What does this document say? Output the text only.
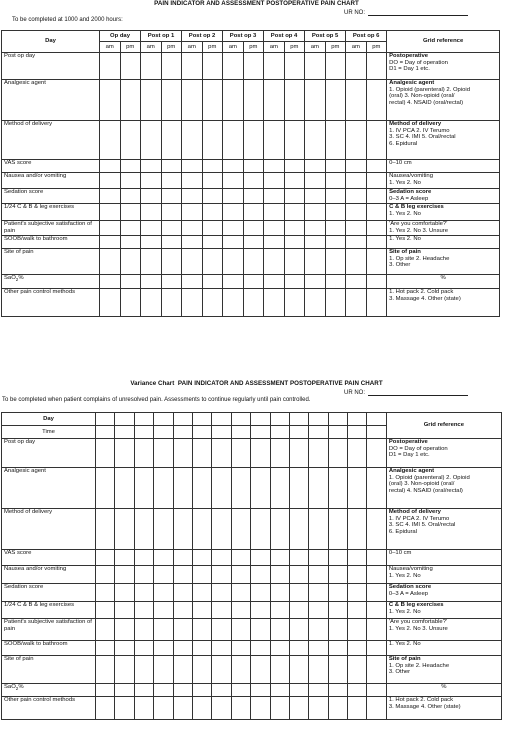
PAIN INDICATOR AND ASSESSMENT POSTOPERATIVE PAIN CHART
UR NO:
To be completed at 1000 and 2000 hours:
Day	Op day		Post op 1		Post op 2		Post op 3		Post op 4		Post op 5		Post op 6		Grid reference
	am	pm	am	pm	am	pm	am	pm	am	pm	am	pm	am	pm	
Post op day															Postoperative
DO = Day of operation
D1 = Day 1 etc.

Analgesic agent															Analgesic agent
1. Opioid (parenteral) 2. Opioid
(oral) 3. Non-opioid (oral/
rectal) 4. NSAID (oral/rectal)

Method of delivery															Method of delivery
1. IV PCA 2. IV Terumo
3. SC 4. IMI 5. Oral/rectal
6. Epidural

VAS score															0–10 cm

Nausea and/or vomiting															Nausea/vomiting
1. Yes 2. No

Sedation score															Sedation score
0–3 A = Asleep

1/24 C & B & leg exercises															C & B leg exercises
1. Yes 2. No

Patient's subjective satisfaction of pain															'Are you comfortable?'
1. Yes 2. No 3. Unsure

SOOB/walk to bathroom															1. Yes 2. No

Site of pain															Site of pain
1. Op site 2. Headache
3. Other

SaO$_2$%															%

Other pain control methods															1. Hot pack 2. Cold pack
3. Massage 4. Other (state)
Variance Chart PAIN INDICATOR AND ASSESSMENT POSTOPERATIVE PAIN CHART
UR NO:
To be completed when patient complains of unresolved pain. Assessments to continue regularly until pain controlled.
Day																Grid reference
Time																
Post op day																Postoperative
DO = Day of operation
D1 = Day 1 etc.

Analgesic agent																Analgesic agent
1. Opioid (parenteral) 2. Opioid
(oral) 3. Non-opioid (oral/
rectal) 4. NSAID (oral/rectal)

Method of delivery																Method of delivery
1. IV PCA 2. IV Terumo
3. SC 4. IMI 5. Oral/rectal
6. Epidural

VAS score																0–10 cm

Nausea and/or vomiting																Nausea/vomiting
1. Yes 2. No

Sedation score																Sedation score
0–3 A = Asleep

1/24 C & B & leg exercises																C & B leg exercises
1. Yes 2. No

Patient's subjective satisfaction of pain																'Are you comfortable?'
1. Yes 2. No 3. Unsure

SOOB/walk to bathroom																1. Yes 2. No

Site of pain																Site of pain
1. Op site 2. Headache
3. Other

SaO$_2$%																%

Other pain control methods																1. Hot pack 2. Cold pack
3. Massage 4. Other (state)
